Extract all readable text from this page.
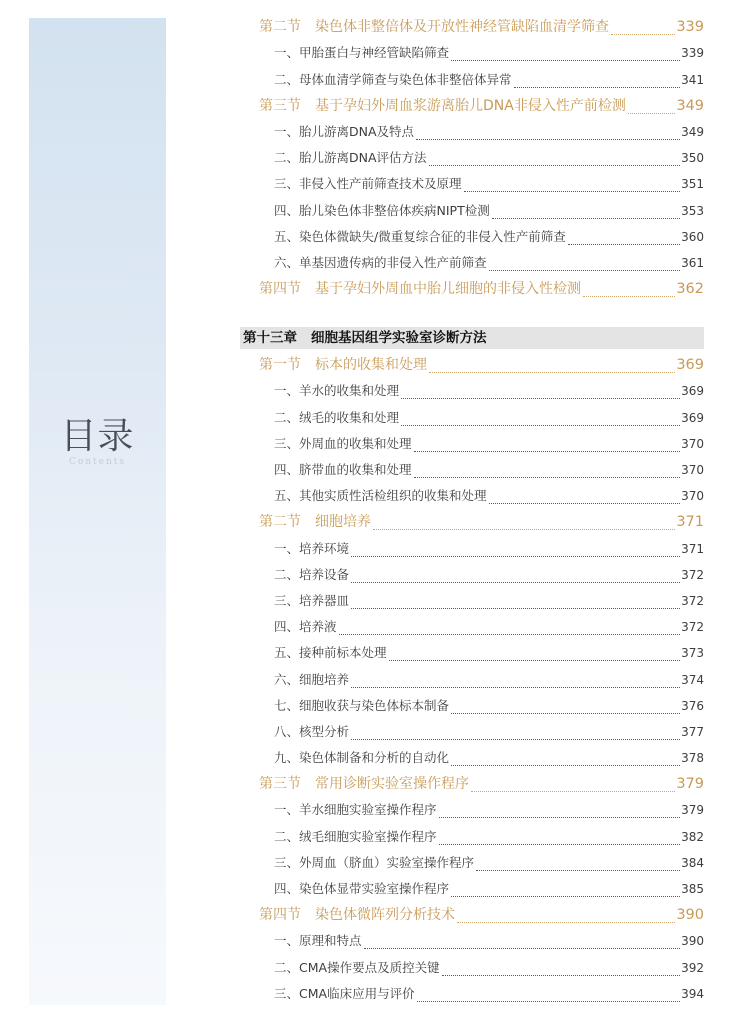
目录
Contents
第二节　染色体非整倍体及开放性神经管缺陷血清学筛查	339
一、甲胎蛋白与神经管缺陷筛查	339
二、母体血清学筛查与染色体非整倍体异常	341
第三节　基于孕妇外周血浆游离胎儿DNA非侵入性产前检测	349
一、胎儿游离DNA及特点	349
二、胎儿游离DNA评估方法	350
三、非侵入性产前筛查技术及原理	351
四、胎儿染色体非整倍体疾病NIPT检测	353
五、染色体微缺失/微重复综合征的非侵入性产前筛查	360
六、单基因遗传病的非侵入性产前筛查	361
第四节　基于孕妇外周血中胎儿细胞的非侵入性检测	362
第十三章 细胞基因组学实验室诊断方法
第一节　标本的收集和处理	369
一、羊水的收集和处理	369
二、绒毛的收集和处理	369
三、外周血的收集和处理	370
四、脐带血的收集和处理	370
五、其他实质性活检组织的收集和处理	370
第二节　细胞培养	371
一、培养环境	371
二、培养设备	372
三、培养器皿	372
四、培养液	372
五、接种前标本处理	373
六、细胞培养	374
七、细胞收获与染色体标本制备	376
八、核型分析	377
九、染色体制备和分析的自动化	378
第三节　常用诊断实验室操作程序	379
一、羊水细胞实验室操作程序	379
二、绒毛细胞实验室操作程序	382
三、外周血（脐血）实验室操作程序	384
四、染色体显带实验室操作程序	385
第四节　染色体微阵列分析技术	390
一、原理和特点	390
二、CMA操作要点及质控关键	392
三、CMA临床应用与评价	394
